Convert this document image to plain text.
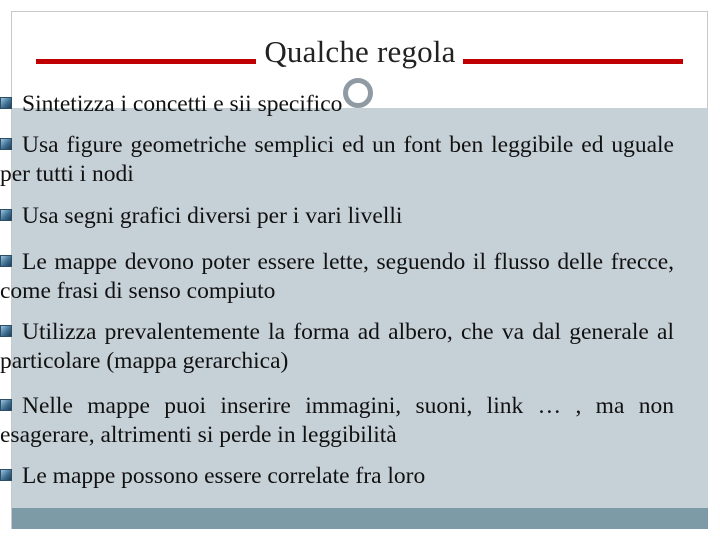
Qualche regola
Sintetizza i concetti e sii specifico
Usa figure geometriche semplici ed un font ben leggibile ed uguale per tutti i nodi
Usa segni grafici diversi per i vari livelli
Le mappe devono poter essere lette, seguendo il flusso delle frecce, come frasi di senso compiuto
Utilizza prevalentemente la forma ad albero, che va dal generale al particolare (mappa gerarchica)
Nelle mappe puoi inserire immagini, suoni, link … , ma non esagerare, altrimenti si perde in leggibilità
Le mappe possono essere correlate fra loro
